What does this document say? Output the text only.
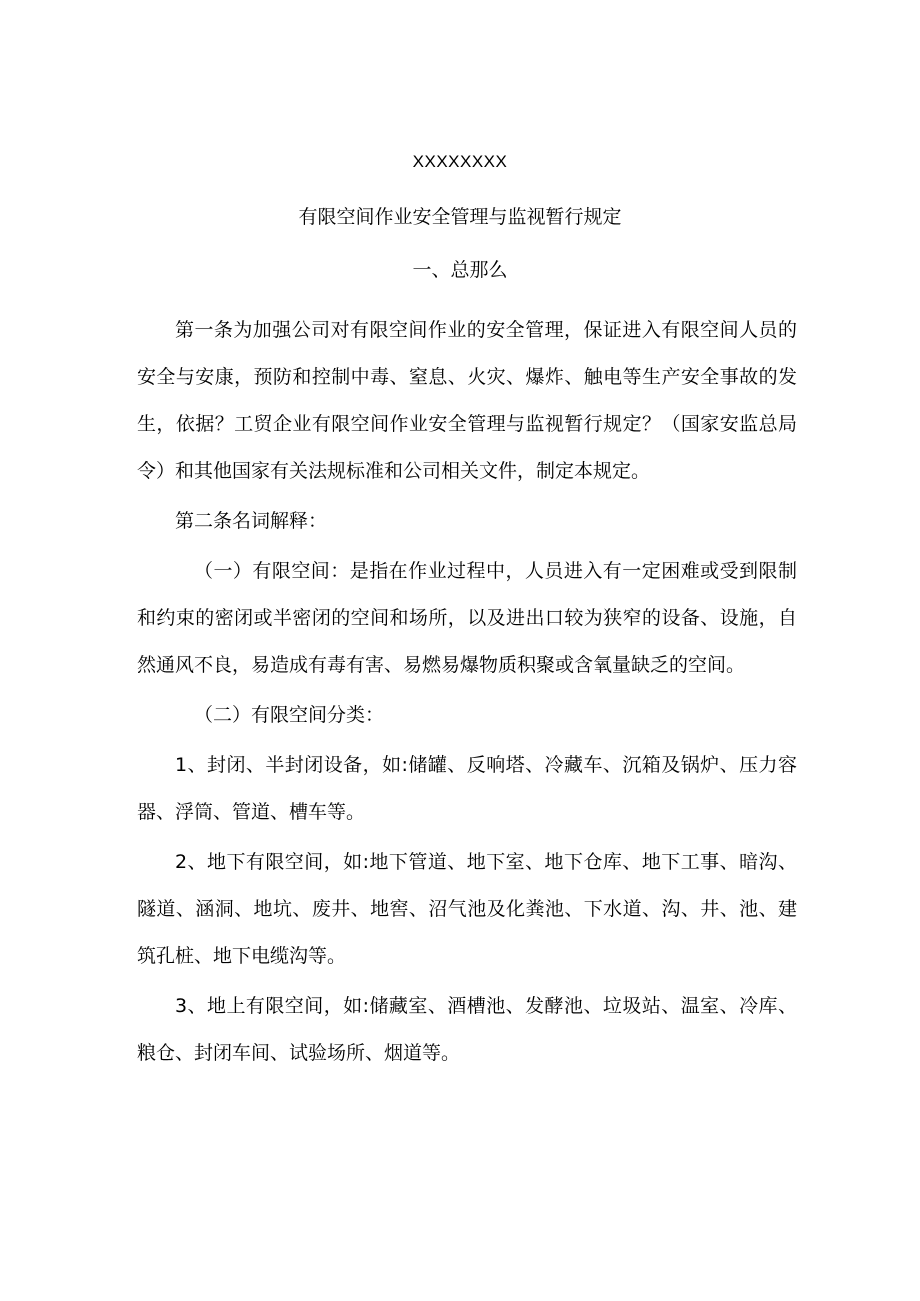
XXXXXXXX
有限空间作业安全管理与监视暂行规定
一、总那么

第一条为加强公司对有限空间作业的安全管理，保证进入有限空间人员的安全与安康，预防和控制中毒、窒息、火灾、爆炸、触电等生产安全事故的发生，依据？工贸企业有限空间作业安全管理与监视暂行规定？（国家安监总局令）和其他国家有关法规标准和公司相关文件，制定本规定。

第二条名词解释：

（一）有限空间：是指在作业过程中，人员进入有一定困难或受到限制和约束的密闭或半密闭的空间和场所，以及进出口较为狭窄的设备、设施，自然通风不良，易造成有毒有害、易燃易爆物质积聚或含氧量缺乏的空间。

（二）有限空间分类：

1、封闭、半封闭设备，如:储罐、反响塔、冷藏车、沉箱及锅炉、压力容器、浮筒、管道、槽车等。

2、地下有限空间，如:地下管道、地下室、地下仓库、地下工事、暗沟、隧道、涵洞、地坑、废井、地窖、沼气池及化粪池、下水道、沟、井、池、建筑孔桩、地下电缆沟等。

3、地上有限空间，如:储藏室、酒槽池、发酵池、垃圾站、温室、冷库、粮仓、封闭车间、试验场所、烟道等。
